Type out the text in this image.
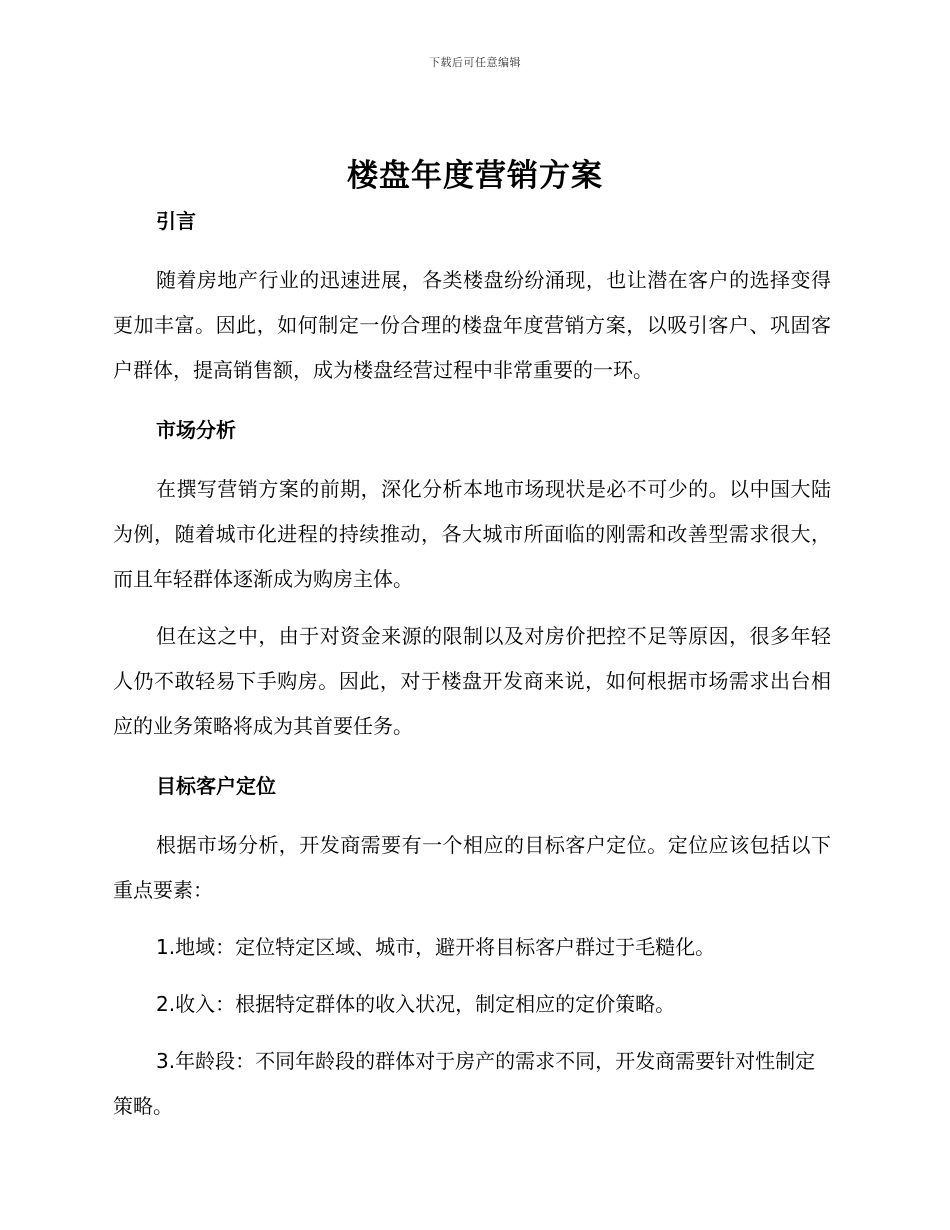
下载后可任意编辑
楼盘年度营销方案

引言

随着房地产行业的迅速进展，各类楼盘纷纷涌现，也让潜在客户的选择变得更加丰富。因此，如何制定一份合理的楼盘年度营销方案，以吸引客户、巩固客户群体，提高销售额，成为楼盘经营过程中非常重要的一环。

市场分析

在撰写营销方案的前期，深化分析本地市场现状是必不可少的。以中国大陆为例，随着城市化进程的持续推动，各大城市所面临的刚需和改善型需求很大，而且年轻群体逐渐成为购房主体。

但在这之中，由于对资金来源的限制以及对房价把控不足等原因，很多年轻人仍不敢轻易下手购房。因此，对于楼盘开发商来说，如何根据市场需求出台相应的业务策略将成为其首要任务。

目标客户定位

根据市场分析，开发商需要有一个相应的目标客户定位。定位应该包括以下重点要素：

1.地域：定位特定区域、城市，避开将目标客户群过于毛糙化。

2.收入：根据特定群体的收入状况，制定相应的定价策略。

3.年龄段：不同年龄段的群体对于房产的需求不同，开发商需要针对性制定策略。
